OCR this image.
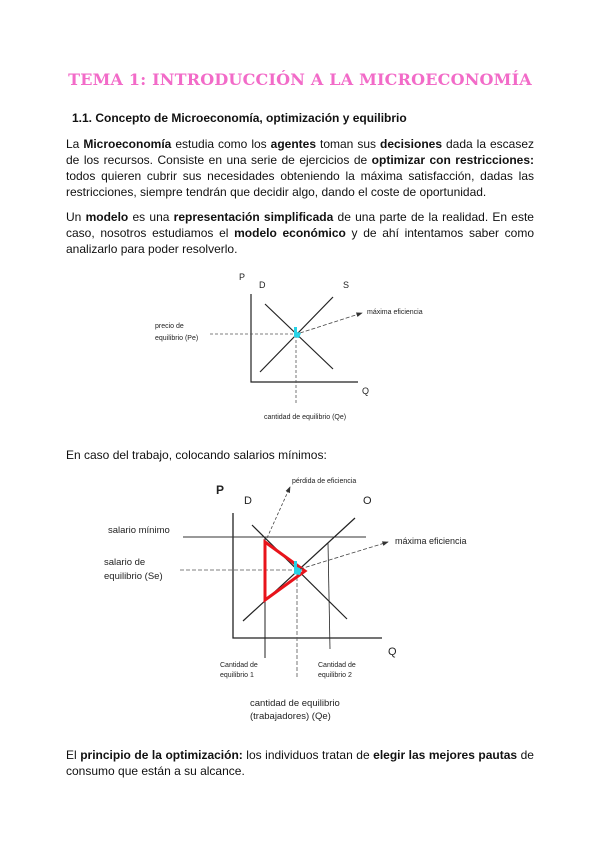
TEMA 1: INTRODUCCIÓN A LA MICROECONOMÍA
1.1. Concepto de Microeconomía, optimización y equilibrio
La Microeconomía estudia como los agentes toman sus decisiones dada la escasez de los recursos. Consiste en una serie de ejercicios de optimizar con restricciones: todos quieren cubrir sus necesidades obteniendo la máxima satisfacción, dadas las restricciones, siempre tendrán que decidir algo, dando el coste de oportunidad.
Un modelo es una representación simplificada de una parte de la realidad. En este caso, nosotros estudiamos el modelo económico y de ahí intentamos saber como analizarlo para poder resolverlo.
P
D	S
Q
máxima eficiencia
precio de
equilibrio (Pe)
cantidad de equilibrio (Qe)
En caso del trabajo, colocando salarios mínimos:
P
D	O
Q
pérdida de eficiencia
salario mínimo
salario de
equilibrio (Se)
máxima eficiencia
Cantidad de
equilibrio 1
Cantidad de
equilibrio 2
cantidad de equilibrio
(trabajadores) (Qe)
El principio de la optimización: los individuos tratan de elegir las mejores pautas de consumo que están a su alcance.
